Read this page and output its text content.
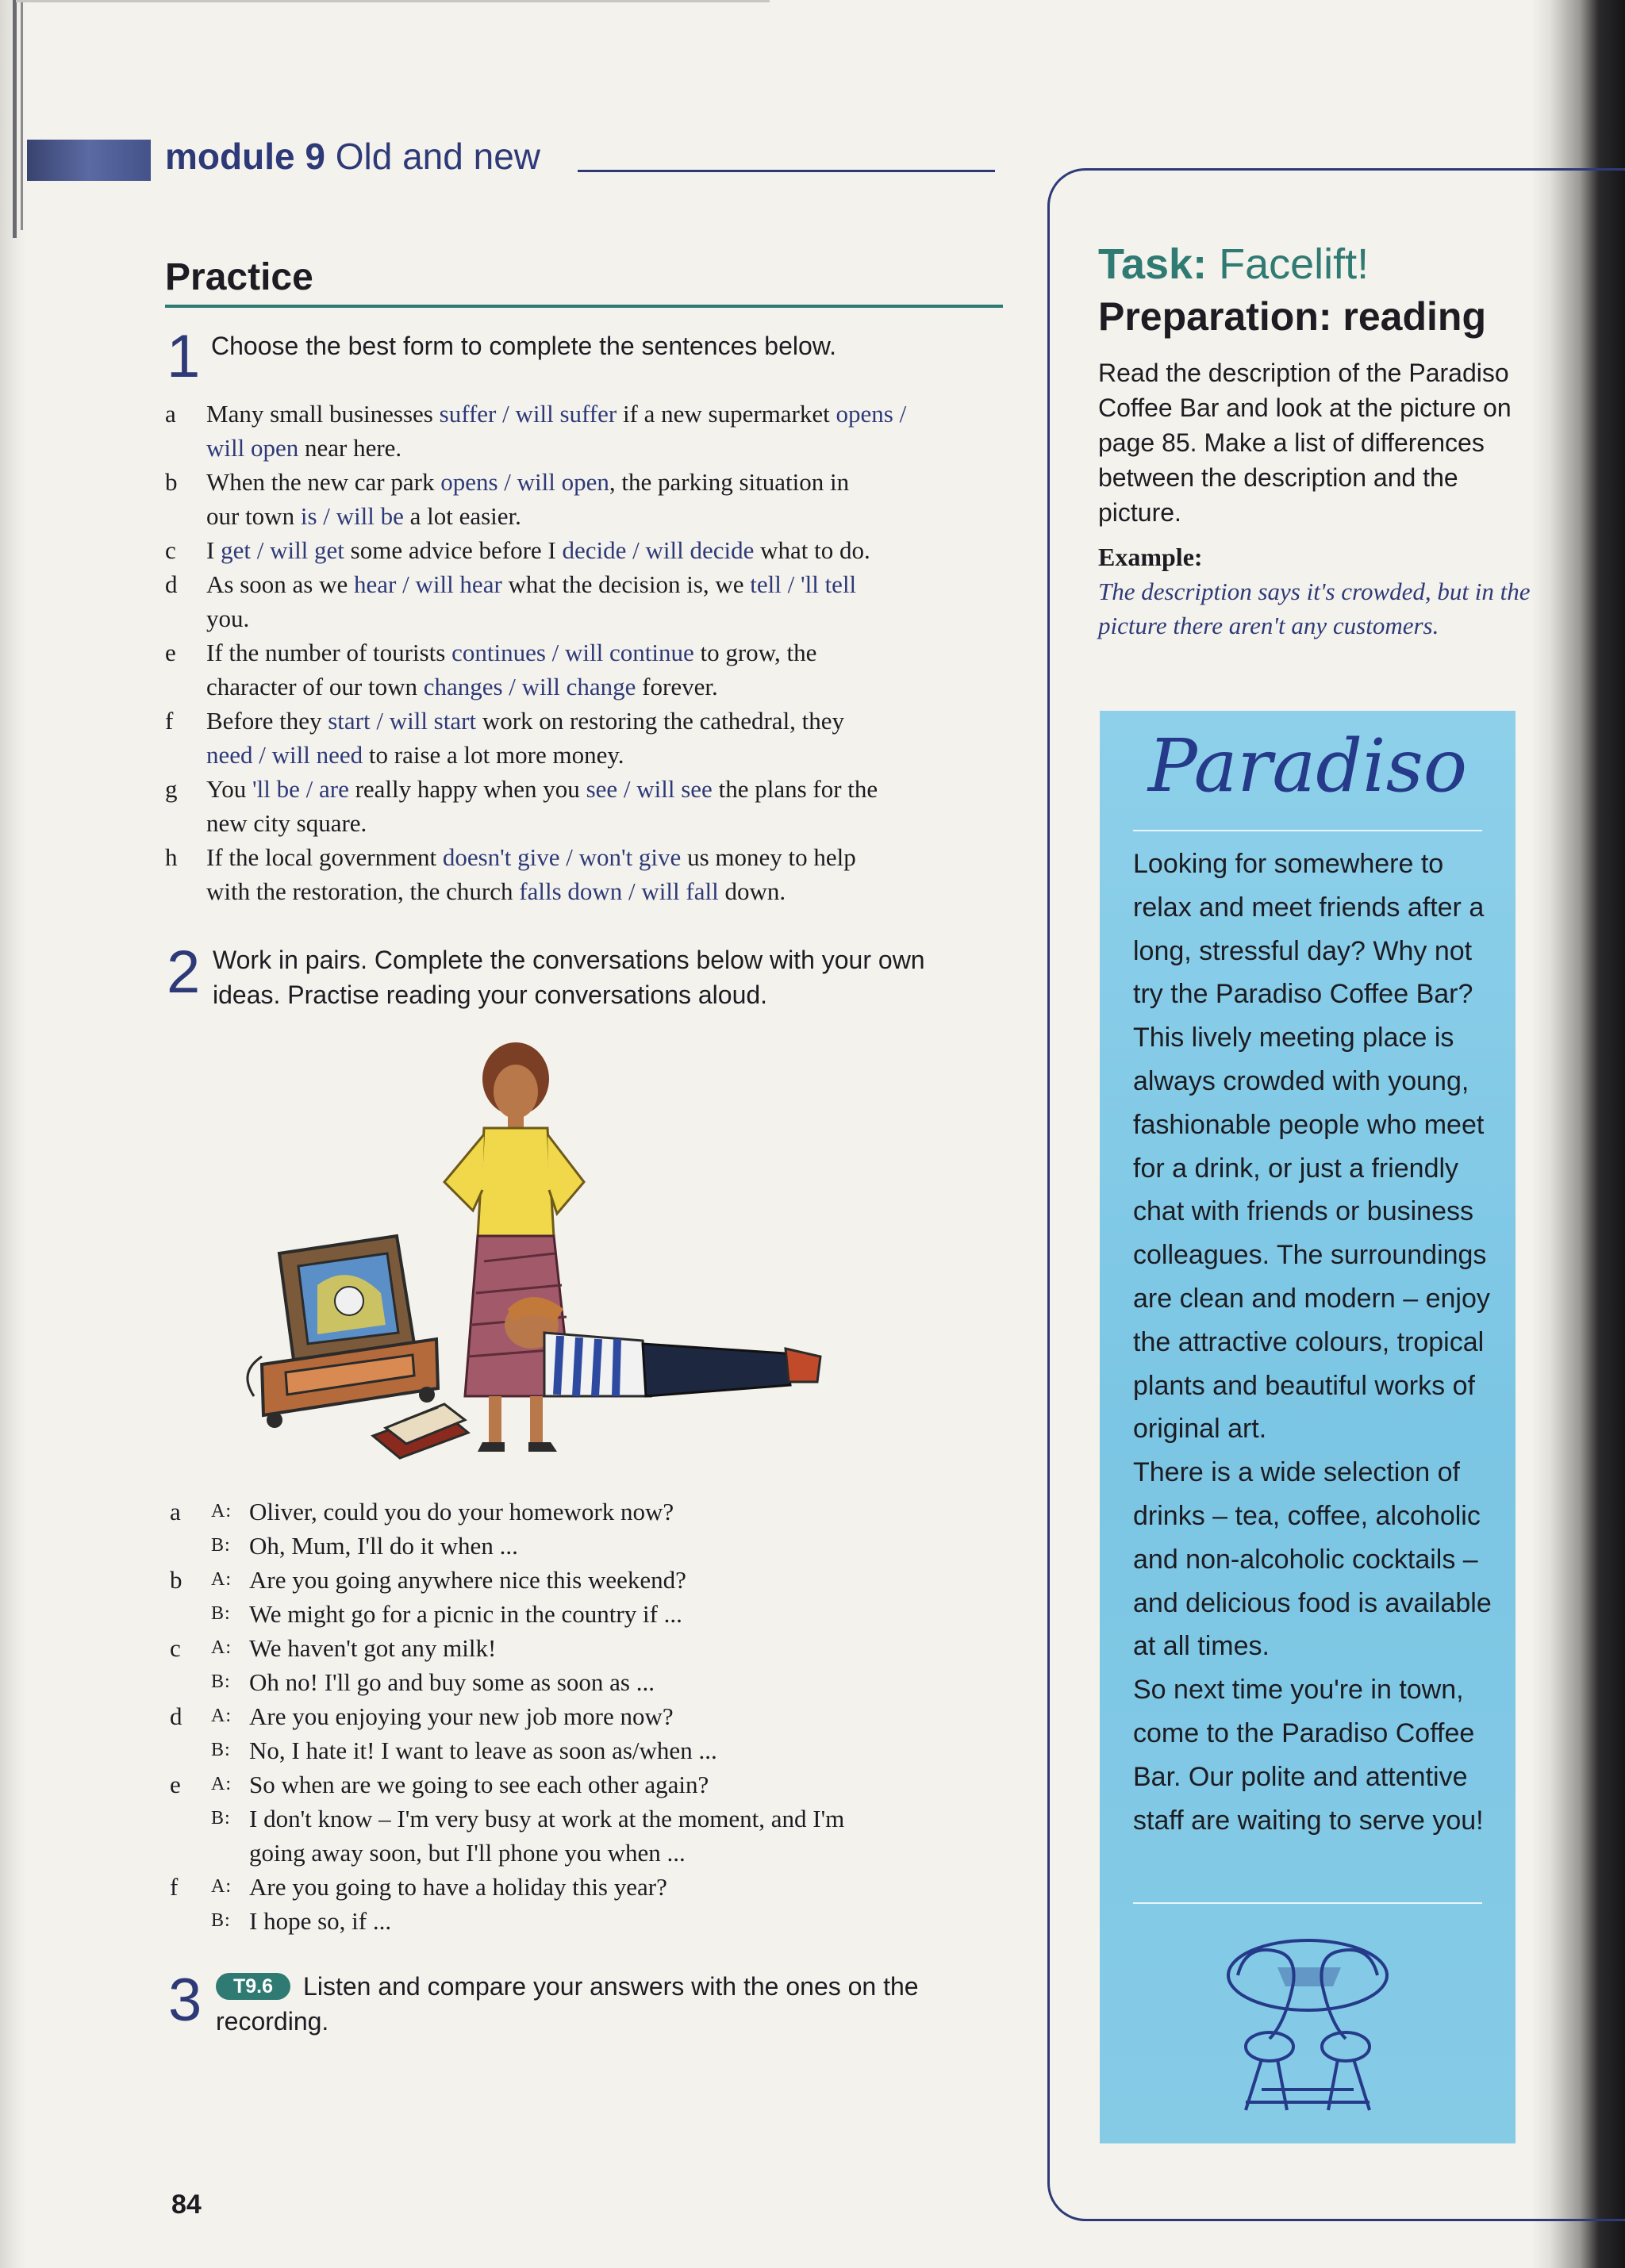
module 9 Old and new
Practice
1 Choose the best form to complete the sentences below.
a	Many small businesses suffer / will suffer if a new supermarket opens /
will open near here.
b	When the new car park opens / will open, the parking situation in
our town is / will be a lot easier.
c	I get / will get some advice before I decide / will decide what to do.
d	As soon as we hear / will hear what the decision is, we tell / 'll tell
you.
e	If the number of tourists continues / will continue to grow, the
character of our town changes / will change forever.
f	Before they start / will start work on restoring the cathedral, they
need / will need to raise a lot more money.
g	You 'll be / are really happy when you see / will see the plans for the
new city square.
h	If the local government doesn't give / won't give us money to help
with the restoration, the church falls down / will fall down.
2 Work in pairs. Complete the conversations below with your own
ideas. Practise reading your conversations aloud.
a A: Oliver, could you do your homework now?
B: Oh, Mum, I'll do it when ...
b A: Are you going anywhere nice this weekend?
B: We might go for a picnic in the country if ...
c A: We haven't got any milk!
B: Oh no! I'll go and buy some as soon as ...
d A: Are you enjoying your new job more now?
B: No, I hate it! I want to leave as soon as/when ...
e A: So when are we going to see each other again?
B: I don't know – I'm very busy at work at the moment, and I'm
going away soon, but I'll phone you when ...
f A: Are you going to have a holiday this year?
B: I hope so, if ...
3	T9.6 Listen and compare your answers with the ones on the
recording.
84
Task: Facelift!
Preparation: reading
Read the description of the Paradiso Coffee Bar and look at the picture on page 85. Make a list of differences between the description and the picture.
Example:
The description says it's crowded, but in the picture there aren't any customers.
Paradiso

Looking for somewhere to relax and meet friends after a long, stressful day? Why not try the Paradiso Coffee Bar? This lively meeting place is always crowded with young, fashionable people who meet for a drink, or just a friendly chat with friends or business colleagues. The surroundings are clean and modern – enjoy the attractive colours, tropical plants and beautiful works of original art.

There is a wide selection of drinks – tea, coffee, alcoholic and non-alcoholic cocktails – and delicious food is available at all times.

So next time you're in town, come to the Paradiso Coffee Bar. Our polite and attentive staff are waiting to serve you!
